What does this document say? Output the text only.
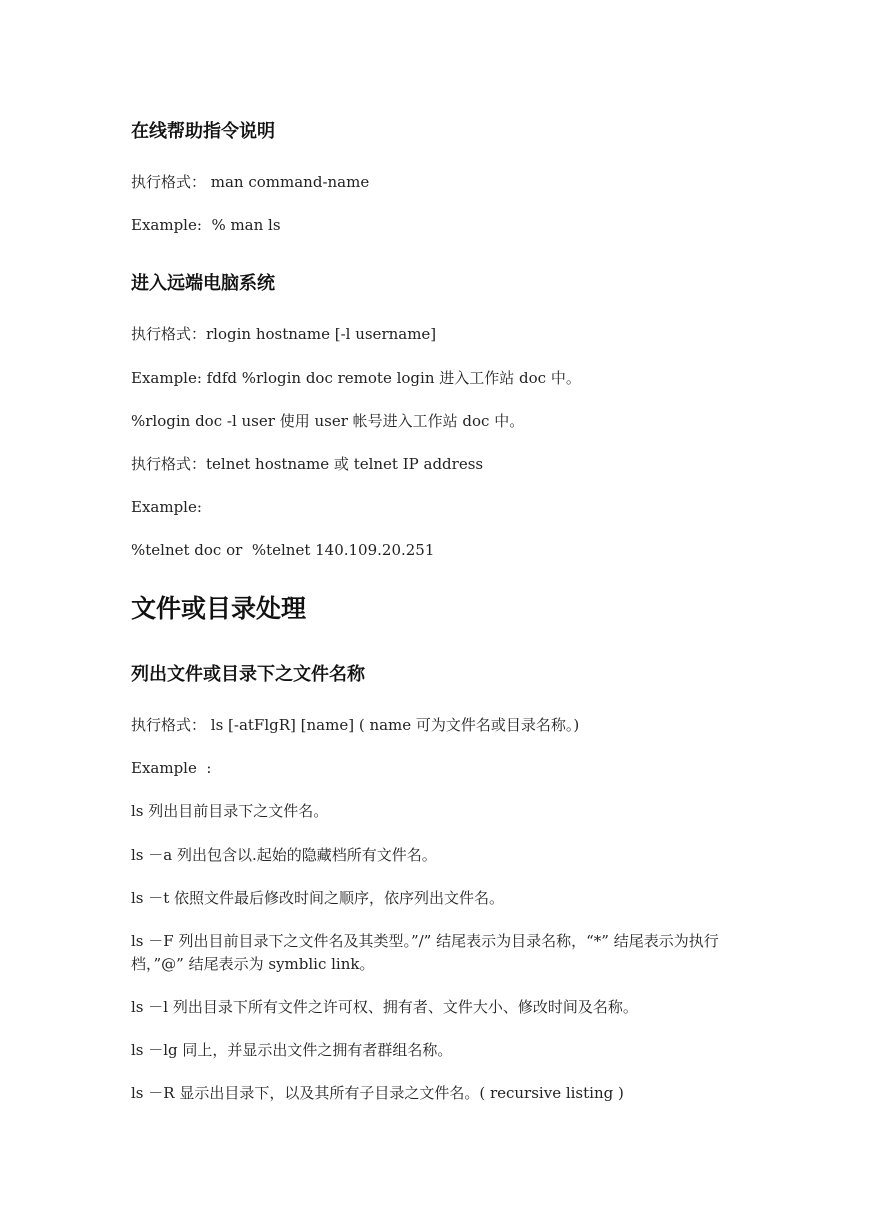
在线帮助指令说明
执行格式： man command-name
Example:  % man ls
进入远端电脑系统
执行格式：rlogin hostname [-l username]
Example: fdfd %rlogin doc remote login 进入工作站 doc 中。
%rlogin doc -l user 使用 user 帐号进入工作站 doc 中。
执行格式：telnet hostname 或 telnet IP address
Example:
%telnet doc or  %telnet 140.109.20.251
文件或目录处理
列出文件或目录下之文件名称
执行格式： ls [-atFlgR] [name] ( name 可为文件名或目录名称。)
Example  :
ls 列出目前目录下之文件名。
ls －a 列出包含以.起始的隐藏档所有文件名。
ls －t 依照文件最后修改时间之顺序，依序列出文件名。
ls －F 列出目前目录下之文件名及其类型。”/” 结尾表示为目录名称，“*” 结尾表示为执行档，”@” 结尾表示为 symblic link。
ls －l 列出目录下所有文件之许可权、拥有者、文件大小、修改时间及名称。
ls －lg 同上，并显示出文件之拥有者群组名称。
ls －R 显示出目录下，以及其所有子目录之文件名。( recursive listing )
